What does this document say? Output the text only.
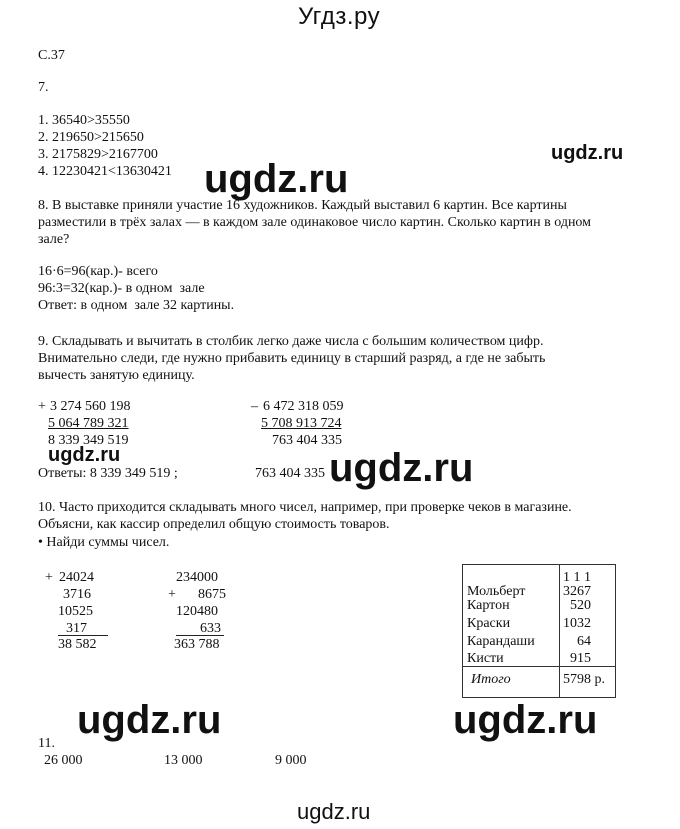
Угдз.ру
С.37
7.
1. 36540>35550
2. 219650>215650
3. 2175829>2167700
4. 12230421<13630421 ugdz.ru
ugdz.ru
8. В выставке приняли участие 16 художников. Каждый выставил 6 картин. Все картины
разместили в трёх залах — в каждом зале одинаковое число картин. Сколько картин в одном
зале?
16·6=96(кар.)- всего
96:3=32(кар.)- в одном  зале
Ответ: в одном  зале 32 картины.
9. Складывать и вычитать в столбик легко даже числа с большим количеством цифр.
Внимательно следи, где нужно прибавить единицу в старший разряд, а где не забыть
вычесть занятую единицу.
+ 3 274 560 198
5 064 789 321
8 339 349 519
– 6 472 318 059
5 708 913 724
763 404 335
ugdz.ru
Ответы: 8 339 349 519 ;	763 404 335 ugdz.ru
10. Часто приходится складывать много чисел, например, при проверке чеков в магазине.
Объясни, как кассир определил общую стоимость товаров.
• Найди суммы чисел.
+ 24024
3716
10525
317
38 582
234000
+ 8675
120480
633
363 788
1 1 1
Мольберт	3267
Картон	520
Краски	1032
Карандаши	64
Кисти	915
Итого	5798 р.
ugdz.ru	ugdz.ru
11.
26 000	13 000	9 000
ugdz.ru
